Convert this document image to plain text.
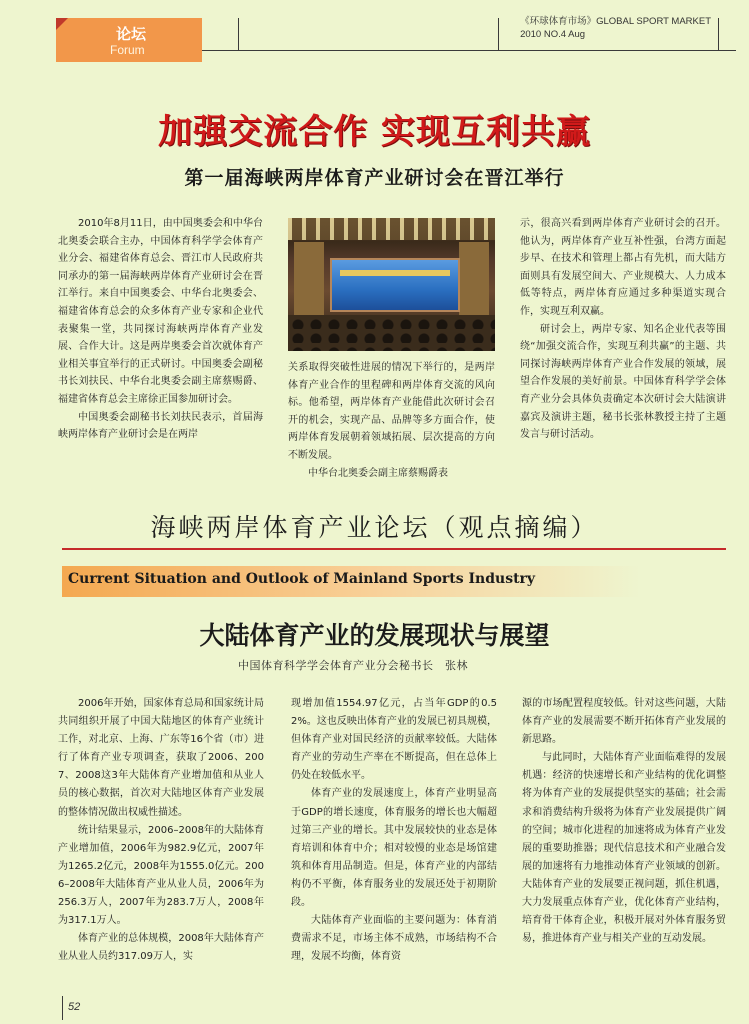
论坛
Forum
《环球体育市场》GLOBAL SPORT MARKET
2010 NO.4 Aug
加强交流合作 实现互利共赢
第一届海峡两岸体育产业研讨会在晋江举行

2010年8月11日，由中国奥委会和中华台北奥委会联合主办，中国体育科学学会体育产业分会、福建省体育总会、晋江市人民政府共同承办的第一届海峡两岸体育产业研讨会在晋江举行。来自中国奥委会、中华台北奥委会、福建省体育总会的众多体育产业专家和企业代表聚集一堂，共同探讨海峡两岸体育产业发展、合作大计。这是两岸奥委会首次就体育产业相关事宜举行的正式研讨。中国奥委会副秘书长刘扶民、中华台北奥委会副主席蔡赐爵、福建省体育总会主席徐正国参加研讨会。

中国奥委会副秘书长刘扶民表示，首届海峡两岸体育产业研讨会是在两岸

关系取得突破性进展的情况下举行的，是两岸体育产业合作的里程碑和两岸体育交流的风向标。他希望，两岸体育产业能借此次研讨会召开的机会，实现产品、品牌等多方面合作，使两岸体育发展朝着领域拓展、层次提高的方向不断发展。

中华台北奥委会副主席蔡赐爵表

示，很高兴看到两岸体育产业研讨会的召开。他认为，两岸体育产业互补性强，台湾方面起步早、在技术和管理上都占有先机，而大陆方面则具有发展空间大、产业规模大、人力成本低等特点，两岸体育应通过多种渠道实现合作，实现互利双赢。

研讨会上，两岸专家、知名企业代表等围绕“加强交流合作，实现互利共赢”的主题、共同探讨海峡两岸体育产业合作发展的领域，展望合作发展的美好前景。中国体育科学学会体育产业分会具体负责确定本次研讨会大陆演讲嘉宾及演讲主题，秘书长张林教授主持了主题发言与研讨活动。

海峡两岸体育产业论坛（观点摘编）
Current Situation and Outlook of Mainland Sports Industry
大陆体育产业的发展现状与展望
中国体育科学学会体育产业分会秘书长　张林

2006年开始，国家体育总局和国家统计局共同组织开展了中国大陆地区的体育产业统计工作，对北京、上海、广东等16个省（市）进行了体育产业专项调查，获取了2006、2007、2008这3年大陆体育产业增加值和从业人员的核心数据，首次对大陆地区体育产业发展的整体情况做出权威性描述。

统计结果显示，2006–2008年的大陆体育产业增加值，2006年为982.9亿元，2007年为1265.2亿元，2008年为1555.0亿元。2006–2008年大陆体育产业从业人员，2006年为256.3万人，2007年为283.7万人，2008年为317.1万人。

体育产业的总体规模，2008年大陆体育产业从业人员约317.09万人，实

现增加值1554.97亿元，占当年GDP的0.52%。这也反映出体育产业的发展已初具规模，但体育产业对国民经济的贡献率较低。大陆体育产业的劳动生产率在不断提高，但在总体上仍处在较低水平。

体育产业的发展速度上，体育产业明显高于GDP的增长速度，体育服务的增长也大幅超过第三产业的增长。其中发展较快的业态是体育培训和体育中介；相对较慢的业态是场馆建筑和体育用品制造。但是，体育产业的内部结构仍不平衡，体育服务业的发展还处于初期阶段。

大陆体育产业面临的主要问题为：体育消费需求不足，市场主体不成熟，市场结构不合理，发展不均衡，体育资

源的市场配置程度较低。针对这些问题，大陆体育产业的发展需要不断开拓体育产业发展的新思路。

与此同时，大陆体育产业面临难得的发展机遇：经济的快速增长和产业结构的优化调整将为体育产业的发展提供坚实的基础；社会需求和消费结构升级将为体育产业发展提供广阔的空间；城市化进程的加速将成为体育产业发展的重要助推器；现代信息技术和产业融合发展的加速将有力地推动体育产业领域的创新。大陆体育产业的发展要正视问题，抓住机遇，大力发展重点体育产业，优化体育产业结构，培育骨干体育企业，积极开展对外体育服务贸易，推进体育产业与相关产业的互动发展。

52
